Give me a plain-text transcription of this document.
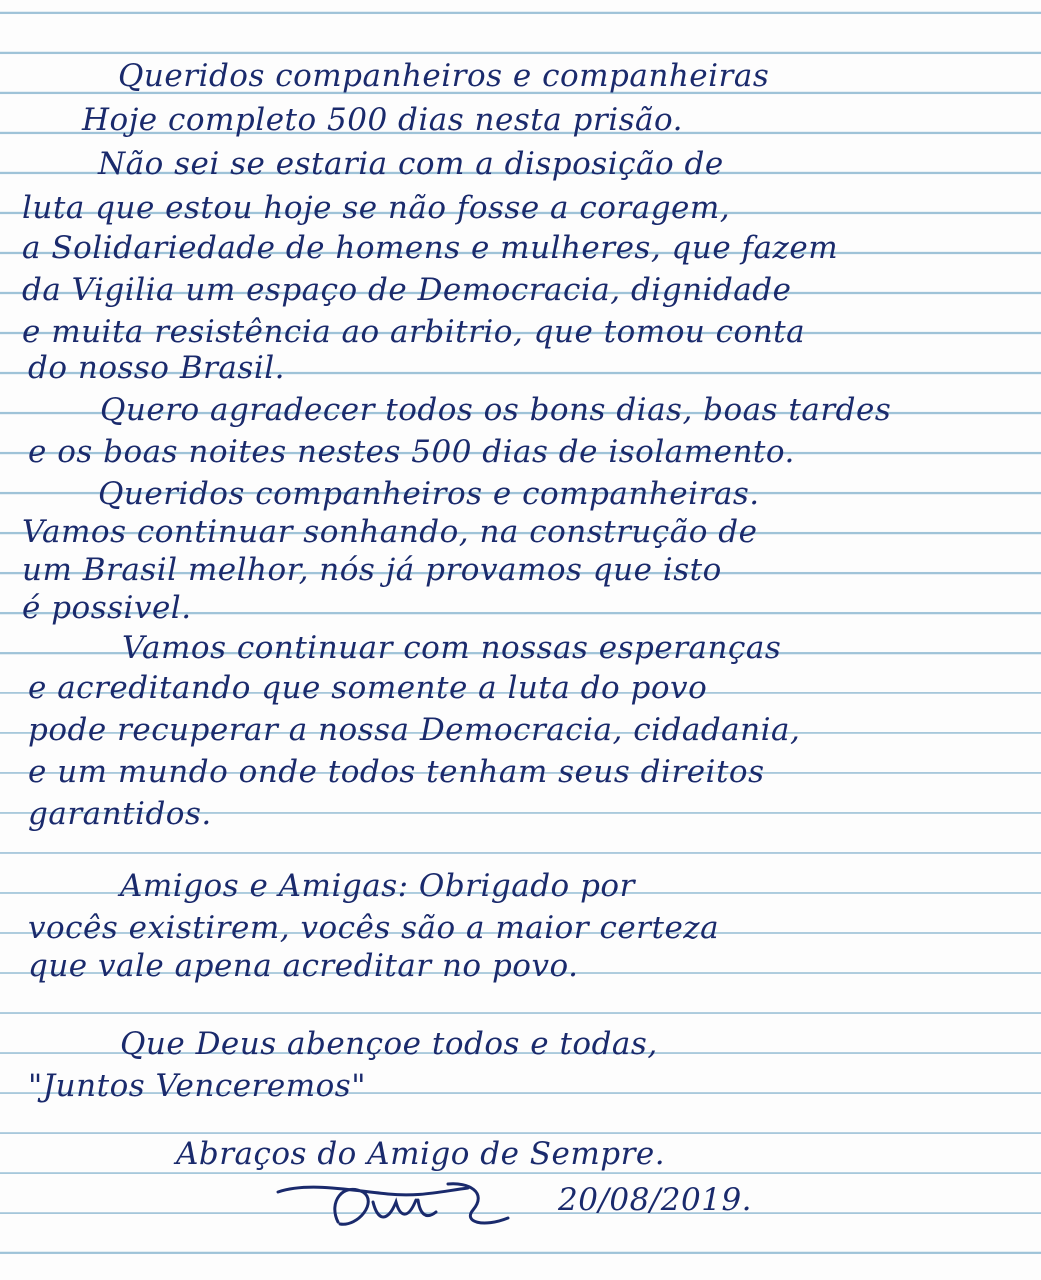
Queridos companheiros e companheiras
Hoje completo 500 dias nesta prisão.
Não sei se estaria com a disposição de
luta que estou hoje se não fosse a coragem,
a Solidariedade de homens e mulheres, que fazem
da Vigilia um espaço de Democracia, dignidade
e muita resistência ao arbitrio, que tomou conta
do nosso Brasil.
Quero agradecer todos os bons dias, boas tardes
e os boas noites nestes 500 dias de isolamento.
Queridos companheiros e companheiras.
Vamos continuar sonhando, na construção de
um Brasil melhor, nós já provamos que isto
é possivel.
Vamos continuar com nossas esperanças
e acreditando que somente a luta do povo
pode recuperar a nossa Democracia, cidadania,
e um mundo onde todos tenham seus direitos
garantidos.
Amigos e Amigas: Obrigado por
vocês existirem, vocês são a maior certeza
que vale apena acreditar no povo.
Que Deus abençoe todos e todas,
"Juntos Venceremos"
Abraços do Amigo de Sempre.
20/08/2019.
